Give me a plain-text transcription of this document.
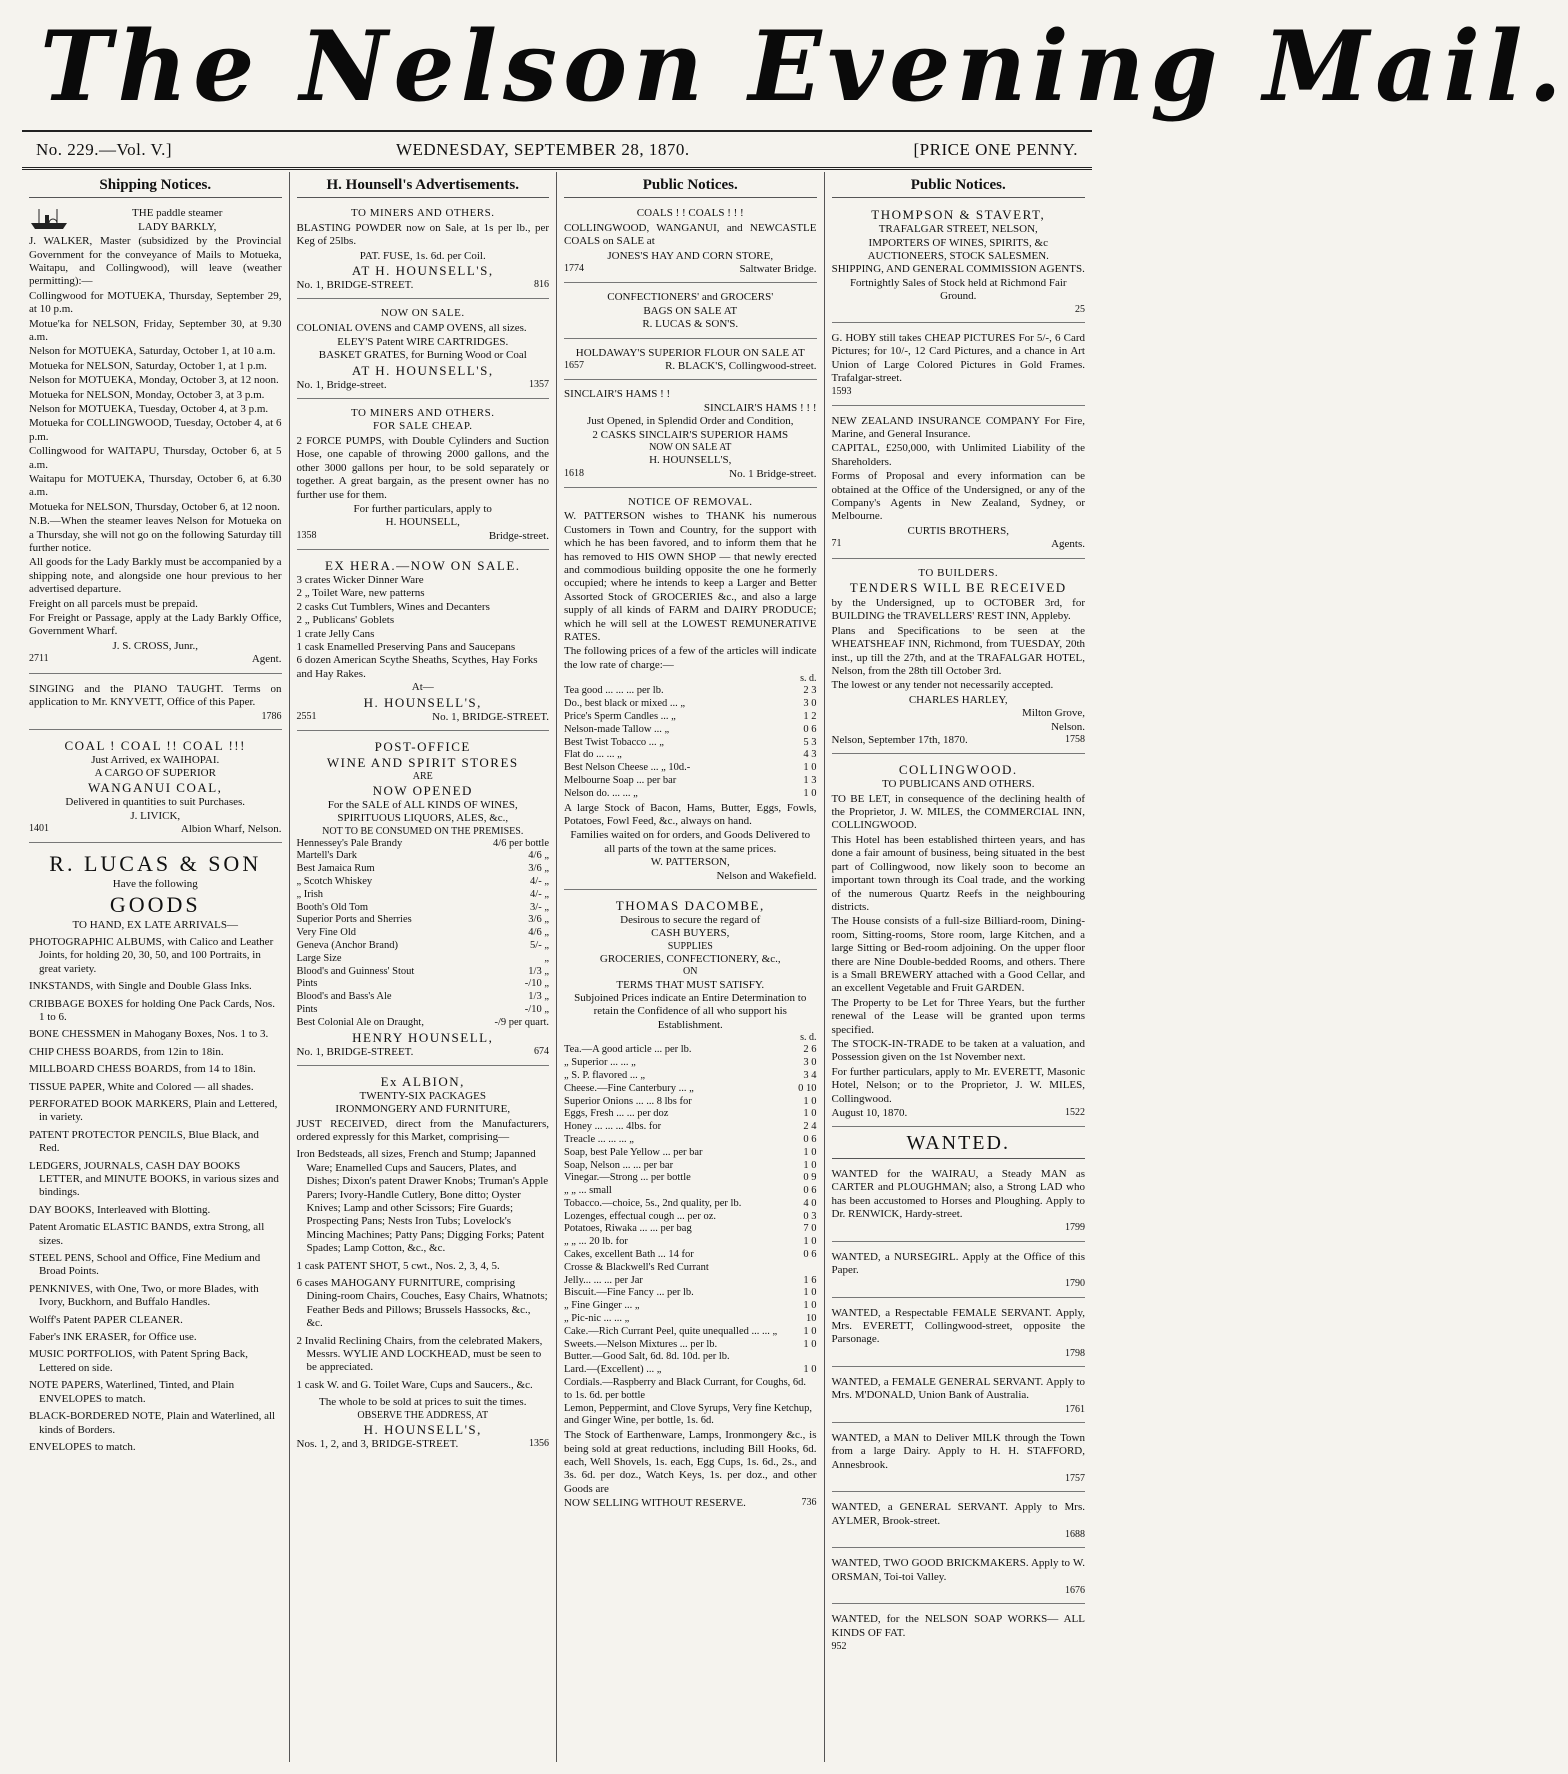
The Nelson Evening Mail.
No. 229.—Vol. V.]	WEDNESDAY, SEPTEMBER 28, 1870.	[PRICE ONE PENNY.
Shipping Notices.
THE paddle steamer
LADY BARKLY,

J. WALKER, Master (subsidized by the Provincial Government for the conveyance of Mails to Motueka, Waitapu, and Collingwood), will leave (weather permitting):—

Collingwood for MOTUEKA, Thursday, September 29, at 10 p.m.

Motue'ka for NELSON, Friday, September 30, at 9.30 a.m.

Nelson for MOTUEKA, Saturday, October 1, at 10 a.m.

Motueka for NELSON, Saturday, October 1, at 1 p.m.

Nelson for MOTUEKA, Monday, October 3, at 12 noon.

Motueka for NELSON, Monday, October 3, at 3 p.m.

Nelson for MOTUEKA, Tuesday, October 4, at 3 p.m.

Motueka for COLLINGWOOD, Tuesday, October 4, at 6 p.m.

Collingwood for WAITAPU, Thursday, October 6, at 5 a.m.

Waitapu for MOTUEKA, Thursday, October 6, at 6.30 a.m.

Motueka for NELSON, Thursday, October 6, at 12 noon.

N.B.—When the steamer leaves Nelson for Motueka on a Thursday, she will not go on the following Saturday till further notice.

All goods for the Lady Barkly must be accompanied by a shipping note, and alongside one hour previous to her advertised departure.

Freight on all parcels must be prepaid.

For Freight or Passage, apply at the Lady Barkly Office, Government Wharf.

J. S. CROSS, Junr.,
2711	Agent.

SINGING and the PIANO TAUGHT. Terms on application to Mr. KNYVETT, Office of this Paper.

1786
COAL ! COAL !! COAL !!!
Just Arrived, ex WAIHOPAI.
A CARGO OF SUPERIOR
WANGANUI COAL,
Delivered in quantities to suit Purchases.
J. LIVICK,
1401	Albion Wharf, Nelson.
R. LUCAS & SON
Have the following
GOODS
TO HAND, EX LATE ARRIVALS—
PHOTOGRAPHIC ALBUMS, with Calico and Leather Joints, for holding 20, 30, 50, and 100 Portraits, in great variety.
INKSTANDS, with Single and Double Glass Inks.
CRIBBAGE BOXES for holding One Pack Cards, Nos. 1 to 6.
BONE CHESSMEN in Mahogany Boxes, Nos. 1 to 3.
CHIP CHESS BOARDS, from 12in to 18in.
MILLBOARD CHESS BOARDS, from 14 to 18in.
TISSUE PAPER, White and Colored — all shades.
PERFORATED BOOK MARKERS, Plain and Lettered, in variety.
PATENT PROTECTOR PENCILS, Blue Black, and Red.
LEDGERS, JOURNALS, CASH DAY BOOKS LETTER, and MINUTE BOOKS, in various sizes and bindings.
DAY BOOKS, Interleaved with Blotting.
Patent Aromatic ELASTIC BANDS, extra Strong, all sizes.
STEEL PENS, School and Office, Fine Medium and Broad Points.
PENKNIVES, with One, Two, or more Blades, with Ivory, Buckhorn, and Buffalo Handles.
Wolff's Patent PAPER CLEANER.
Faber's INK ERASER, for Office use.
MUSIC PORTFOLIOS, with Patent Spring Back, Lettered on side.
NOTE PAPERS, Waterlined, Tinted, and Plain ENVELOPES to match.
BLACK-BORDERED NOTE, Plain and Waterlined, all kinds of Borders.
ENVELOPES to match.
H. Hounsell's Advertisements.
TO MINERS AND OTHERS.

BLASTING POWDER now on Sale, at 1s per lb., per Keg of 25lbs.

PAT. FUSE, 1s. 6d. per Coil.
AT H. HOUNSELL'S,
No. 1, BRIDGE-STREET.	816
NOW ON SALE.

COLONIAL OVENS and CAMP OVENS, all sizes.

ELEY'S Patent WIRE CARTRIDGES.
BASKET GRATES, for Burning Wood or Coal
AT H. HOUNSELL'S,
No. 1, Bridge-street.	1357
TO MINERS AND OTHERS.
FOR SALE CHEAP.

2 FORCE PUMPS, with Double Cylinders and Suction Hose, one capable of throwing 2000 gallons, and the other 3000 gallons per hour, to be sold separately or together. A great bargain, as the present owner has no further use for them.

For further particulars, apply to
H. HOUNSELL,
1358	Bridge-street.
EX HERA.—NOW ON SALE.
3 crates Wicker Dinner Ware
2 „ Toilet Ware, new patterns
2 casks Cut Tumblers, Wines and Decanters
2 „ Publicans' Goblets
1 crate Jelly Cans
1 cask Enamelled Preserving Pans and Saucepans
6 dozen American Scythe Sheaths, Scythes, Hay Forks and Hay Rakes.
At—
H. HOUNSELL'S,
2551	No. 1, BRIDGE-STREET.
POST-OFFICE
WINE AND SPIRIT STORES
ARE
NOW OPENED
For the SALE of ALL KINDS OF WINES, SPIRITUOUS LIQUORS, ALES, &c.,
NOT TO BE CONSUMED ON THE PREMISES.
Hennessey's Pale Brandy	4/6 per bottle
Martell's Dark	4/6 „
Best Jamaica Rum	3/6 „
„ Scotch Whiskey	4/- „
„ Irish	4/- „
Booth's Old Tom	3/- „
Superior Ports and Sherries	3/6 „
Very Fine Old	4/6 „
Geneva (Anchor Brand)	5/- „
Large Size	„
Blood's and Guinness' Stout	1/3 „
Pints	-/10 „
Blood's and Bass's Ale	1/3 „
Pints	-/10 „
Best Colonial Ale on Draught,	-/9 per quart.
HENRY HOUNSELL,
No. 1, BRIDGE-STREET.	674
Ex ALBION,
TWENTY-SIX PACKAGES
IRONMONGERY AND FURNITURE,

JUST RECEIVED, direct from the Manufacturers, ordered expressly for this Market, comprising—

Iron Bedsteads, all sizes, French and Stump; Japanned Ware; Enamelled Cups and Saucers, Plates, and Dishes; Dixon's patent Drawer Knobs; Truman's Apple Parers; Ivory-Handle Cutlery, Bone ditto; Oyster Knives; Lamp and other Scissors; Fire Guards; Prospecting Pans; Nests Iron Tubs; Lovelock's Mincing Machines; Patty Pans; Digging Forks; Patent Spades; Lamp Cotton, &c., &c.
1 cask PATENT SHOT, 5 cwt., Nos. 2, 3, 4, 5.
6 cases MAHOGANY FURNITURE, comprising Dining-room Chairs, Couches, Easy Chairs, Whatnots; Feather Beds and Pillows; Brussels Hassocks, &c., &c.
2 Invalid Reclining Chairs, from the celebrated Makers, Messrs. WYLIE AND LOCKHEAD, must be seen to be appreciated.
1 cask W. and G. Toilet Ware, Cups and Saucers., &c.
The whole to be sold at prices to suit the times.
OBSERVE THE ADDRESS, AT
H. HOUNSELL'S,
Nos. 1, 2, and 3, BRIDGE-STREET.	1356
Public Notices.
COALS ! ! COALS ! ! !

COLLINGWOOD, WANGANUI, and NEWCASTLE COALS on SALE at

JONES'S HAY AND CORN STORE,
1774	Saltwater Bridge.
CONFECTIONERS' and GROCERS'
BAGS ON SALE AT
R. LUCAS & SON'S.
HOLDAWAY'S SUPERIOR FLOUR ON SALE AT
1657	R. BLACK'S, Collingwood-street.
SINCLAIR'S HAMS ! !
SINCLAIR'S HAMS ! ! !
Just Opened, in Splendid Order and Condition,
2 CASKS SINCLAIR'S SUPERIOR HAMS
NOW ON SALE AT
H. HOUNSELL'S,
1618	No. 1 Bridge-street.
NOTICE OF REMOVAL.

W. PATTERSON wishes to THANK his numerous Customers in Town and Country, for the support with which he has been favored, and to inform them that he has removed to HIS OWN SHOP — that newly erected and commodious building opposite the one he formerly occupied; where he intends to keep a Larger and Better Assorted Stock of GROCERIES &c., and also a large supply of all kinds of FARM and DAIRY PRODUCE; which he will sell at the LOWEST REMUNERATIVE RATES.

The following prices of a few of the articles will indicate the low rate of charge:—

s. d.
Tea good ... ... ... per lb.	2 3
Do., best black or mixed ... „	3 0
Price's Sperm Candles ... „	1 2
Nelson-made Tallow ... „	0 6
Best Twist Tobacco ... „	5 3
Flat do ... ... „	4 3
Best Nelson Cheese ... „ 10d.-	1 0
Melbourne Soap ... per bar	1 3
Nelson do. ... ... „	1 0

A large Stock of Bacon, Hams, Butter, Eggs, Fowls, Potatoes, Fowl Feed, &c., always on hand.

Families waited on for orders, and Goods Delivered to all parts of the town at the same prices.
W. PATTERSON,
Nelson and Wakefield.
THOMAS DACOMBE,
Desirous to secure the regard of
CASH BUYERS,
SUPPLIES
GROCERIES, CONFECTIONERY, &c.,
ON
TERMS THAT MUST SATISFY.
Subjoined Prices indicate an Entire Determination to retain the Confidence of all who support his Establishment.
s. d.
Tea.—A good article ... per lb.	2 6
„ Superior ... ... „	3 0
„ S. P. flavored ... „	3 4
Cheese.—Fine Canterbury ... „	0 10
Superior Onions ... ... 8 lbs for	1 0
Eggs, Fresh ... ... per doz	1 0
Honey ... ... ... 4lbs. for	2 4
Treacle ... ... ... „	0 6
Soap, best Pale Yellow ... per bar	1 0
Soap, Nelson ... ... per bar	1 0
Vinegar.—Strong ... per bottle	0 9
„ „ ... small	0 6
Tobacco.—choice, 5s., 2nd quality, per lb.	4 0
Lozenges, effectual cough ... per oz.	0 3
Potatoes, Riwaka ... ... per bag	7 0
„ „ ... 20 lb. for	1 0
Cakes, excellent Bath ... 14 for	0 6
Crosse & Blackwell's Red Currant
Jelly... ... ... per Jar	1 6
Biscuit.—Fine Fancy ... per lb.	1 0
„ Fine Ginger ... „	1 0
„ Pic-nic ... ... „	10
Cake.—Rich Currant Peel, quite unequalled ... ... „ 1 0
Sweets.—Nelson Mixtures ... per lb.	1 0
Butter.—Good Salt, 6d. 8d. 10d. per lb.
Lard.—(Excellent) ... „	1 0
Cordials.—Raspberry and Black Currant, for Coughs, 6d. to 1s. 6d. per bottle
Lemon, Peppermint, and Clove Syrups, Very fine Ketchup, and Ginger Wine, per bottle, 1s. 6d.

The Stock of Earthenware, Lamps, Ironmongery &c., is being sold at great reductions, including Bill Hooks, 6d. each, Well Shovels, 1s. each, Egg Cups, 1s. 6d., 2s., and 3s. 6d. per doz., Watch Keys, 1s. per doz., and other Goods are

NOW SELLING WITHOUT RESERVE.	736
Public Notices.
THOMPSON & STAVERT,
TRAFALGAR STREET, NELSON,
IMPORTERS OF WINES, SPIRITS, &c
AUCTIONEERS, STOCK SALESMEN.
SHIPPING, AND GENERAL COMMISSION AGENTS.
Fortnightly Sales of Stock held at Richmond Fair Ground.
25

G. HOBY still takes CHEAP PICTURES For 5/-, 6 Card Pictures; for 10/-, 12 Card Pictures, and a chance in Art Union of Large Colored Pictures in Gold Frames. Trafalgar-street.

1593

NEW ZEALAND INSURANCE COMPANY For Fire, Marine, and General Insurance.

CAPITAL, £250,000, with Unlimited Liability of the Shareholders.

Forms of Proposal and every information can be obtained at the Office of the Undersigned, or any of the Company's Agents in New Zealand, Sydney, or Melbourne.

CURTIS BROTHERS,
71	Agents.
TO BUILDERS.
TENDERS WILL BE RECEIVED

by the Undersigned, up to OCTOBER 3rd, for BUILDING the TRAVELLERS' REST INN, Appleby.

Plans and Specifications to be seen at the WHEATSHEAF INN, Richmond, from TUESDAY, 20th inst., up till the 27th, and at the TRAFALGAR HOTEL, Nelson, from the 28th till October 3rd.

The lowest or any tender not necessarily accepted.

CHARLES HARLEY,
Milton Grove,
Nelson.
Nelson, September 17th, 1870.	1758
COLLINGWOOD.
TO PUBLICANS AND OTHERS.

TO BE LET, in consequence of the declining health of the Proprietor, J. W. MILES, the COMMERCIAL INN, COLLINGWOOD.

This Hotel has been established thirteen years, and has done a fair amount of business, being situated in the best part of Collingwood, now likely soon to become an important town through its Coal trade, and the working of the numerous Quartz Reefs in the neighbouring districts.

The House consists of a full-size Billiard-room, Dining-room, Sitting-rooms, Store room, large Kitchen, and a large Sitting or Bed-room adjoining. On the upper floor there are Nine Double-bedded Rooms, and others. There is a Small BREWERY attached with a Good Cellar, and an excellent Vegetable and Fruit GARDEN.

The Property to be Let for Three Years, but the further renewal of the Lease will be granted upon terms specified.

The STOCK-IN-TRADE to be taken at a valuation, and Possession given on the 1st November next.

For further particulars, apply to Mr. EVERETT, Masonic Hotel, Nelson; or to the Proprietor, J. W. MILES, Collingwood.

August 10, 1870.	1522
WANTED.

WANTED for the WAIRAU, a Steady MAN as CARTER and PLOUGHMAN; also, a Strong LAD who has been accustomed to Horses and Ploughing. Apply to Dr. RENWICK, Hardy-street.

1799

WANTED, a NURSEGIRL. Apply at the Office of this Paper.

1790

WANTED, a Respectable FEMALE SERVANT. Apply, Mrs. EVERETT, Collingwood-street, opposite the Parsonage.

1798

WANTED, a FEMALE GENERAL SERVANT. Apply to Mrs. M'DONALD, Union Bank of Australia.

1761

WANTED, a MAN to Deliver MILK through the Town from a large Dairy. Apply to H. H. STAFFORD, Annesbrook.

1757

WANTED, a GENERAL SERVANT. Apply to Mrs. AYLMER, Brook-street.

1688

WANTED, TWO GOOD BRICKMAKERS. Apply to W. ORSMAN, Toi-toi Valley.

1676

WANTED, for the NELSON SOAP WORKS— ALL KINDS OF FAT.

952
